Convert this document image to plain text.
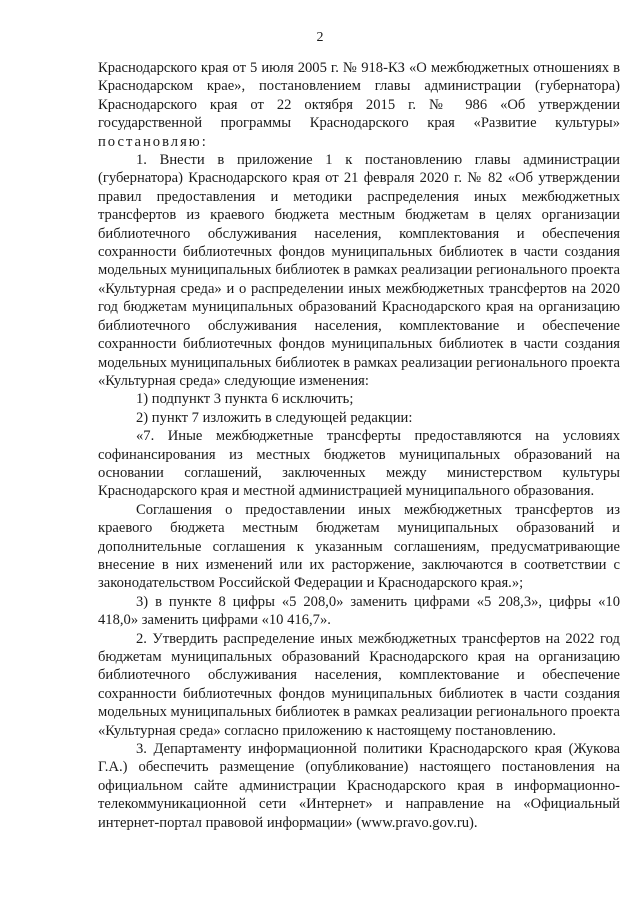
2

Краснодарского края от 5 июля 2005 г. № 918-КЗ «О межбюджетных отношениях в Краснодарском крае», постановлением главы администрации (губернатора) Краснодарского края от 22 октября 2015 г. № 986 «Об утверждении государственной программы Краснодарского края «Развитие культуры» постановляю:

1. Внести в приложение 1 к постановлению главы администрации (губернатора) Краснодарского края от 21 февраля 2020 г. № 82 «Об утверждении правил предоставления и методики распределения иных межбюджетных трансфертов из краевого бюджета местным бюджетам в целях организации библиотечного обслуживания населения, комплектования и обеспечения сохранности библиотечных фондов муниципальных библиотек в части создания модельных муниципальных библиотек в рамках реализации регионального проекта «Культурная среда» и о распределении иных межбюджетных трансфертов на 2020 год бюджетам муниципальных образований Краснодарского края на организацию библиотечного обслуживания населения, комплектование и обеспечение сохранности библиотечных фондов муниципальных библиотек в части создания модельных муниципальных библиотек в рамках реализации регионального проекта «Культурная среда» следующие изменения:

1) подпункт 3 пункта 6 исключить;

2) пункт 7 изложить в следующей редакции:

«7. Иные межбюджетные трансферты предоставляются на условиях софинансирования из местных бюджетов муниципальных образований на основании соглашений, заключенных между министерством культуры Краснодарского края и местной администрацией муниципального образования.

Соглашения о предоставлении иных межбюджетных трансфертов из краевого бюджета местным бюджетам муниципальных образований и дополнительные соглашения к указанным соглашениям, предусматривающие внесение в них изменений или их расторжение, заключаются в соответствии с законодательством Российской Федерации и Краснодарского края.»;

3) в пункте 8 цифры «5 208,0» заменить цифрами «5 208,3», цифры «10 418,0» заменить цифрами «10 416,7».

2. Утвердить распределение иных межбюджетных трансфертов на 2022 год бюджетам муниципальных образований Краснодарского края на организацию библиотечного обслуживания населения, комплектование и обеспечение сохранности библиотечных фондов муниципальных библиотек в части создания модельных муниципальных библиотек в рамках реализации регионального проекта «Культурная среда» согласно приложению к настоящему постановлению.

3. Департаменту информационной политики Краснодарского края (Жукова Г.А.) обеспечить размещение (опубликование) настоящего постановления на официальном сайте администрации Краснодарского края в информационно-телекоммуникационной сети «Интернет» и направление на «Официальный интернет-портал правовой информации» (www.pravo.gov.ru).
